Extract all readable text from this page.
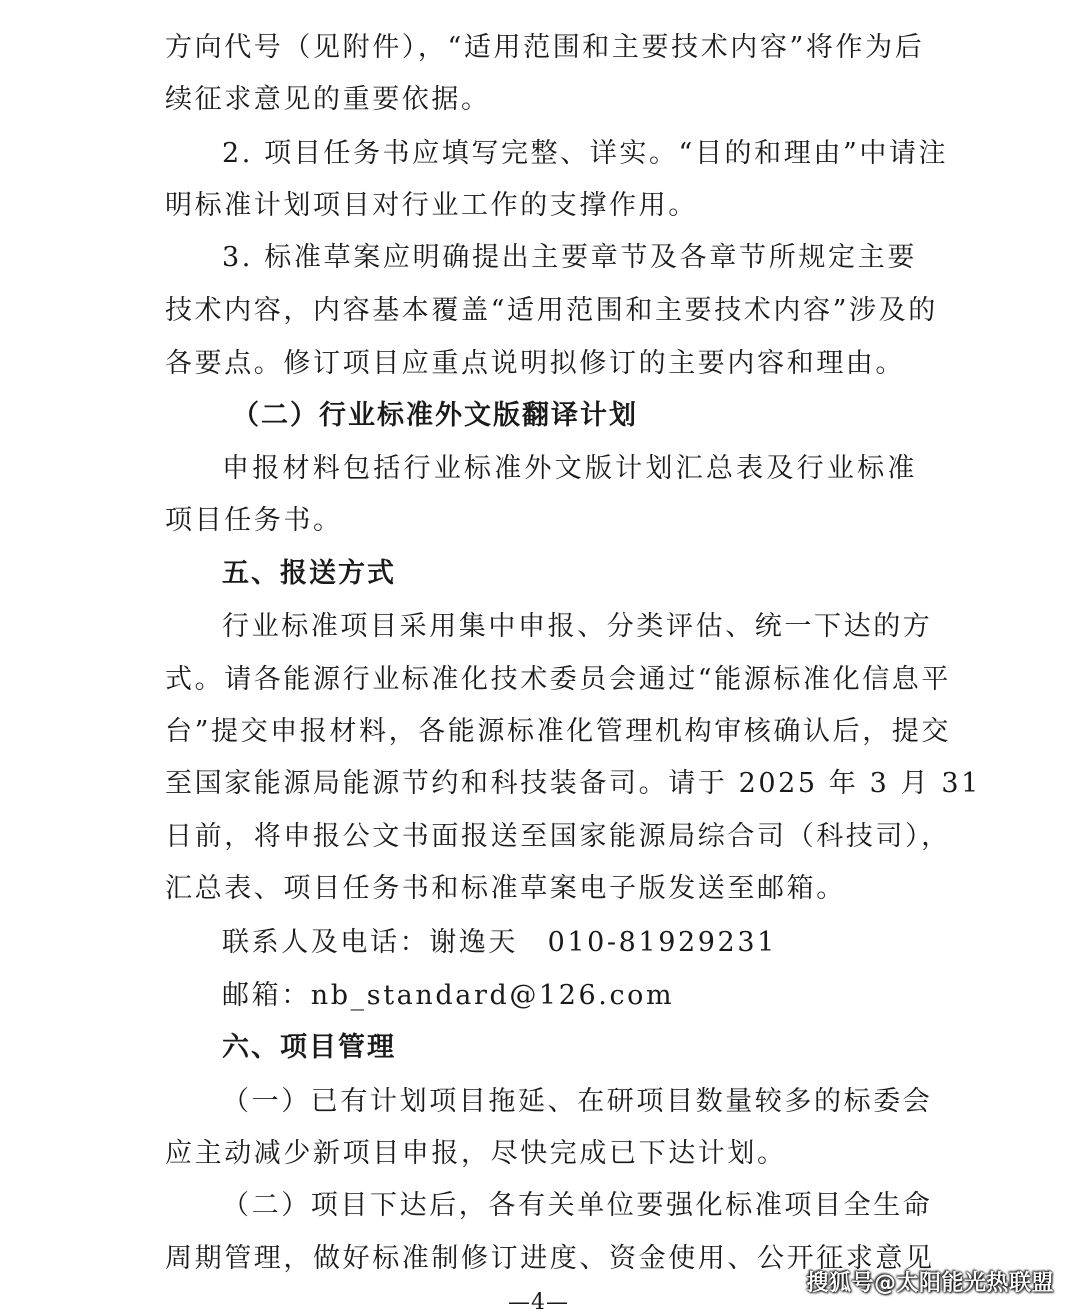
方向代号（见附件），“适用范围和主要技术内容”将作为后
续征求意见的重要依据。
2. 项目任务书应填写完整、详实。“目的和理由”中请注
明标准计划项目对行业工作的支撑作用。
3. 标准草案应明确提出主要章节及各章节所规定主要
技术内容，内容基本覆盖“适用范围和主要技术内容”涉及的
各要点。修订项目应重点说明拟修订的主要内容和理由。
（二）行业标准外文版翻译计划
申报材料包括行业标准外文版计划汇总表及行业标准
项目任务书。
五、报送方式
行业标准项目采用集中申报、分类评估、统一下达的方
式。请各能源行业标准化技术委员会通过“能源标准化信息平
台”提交申报材料，各能源标准化管理机构审核确认后，提交
至国家能源局能源节约和科技装备司。请于 2025 年 3 月 31
日前，将申报公文书面报送至国家能源局综合司（科技司），
汇总表、项目任务书和标准草案电子版发送至邮箱。
联系人及电话：谢逸天　010-81929231
邮箱：nb_standard@126.com
六、项目管理
（一）已有计划项目拖延、在研项目数量较多的标委会
应主动减少新项目申报，尽快完成已下达计划。
（二）项目下达后，各有关单位要强化标准项目全生命
周期管理，做好标准制修订进度、资金使用、公开征求意见
—4—
搜狐号@太阳能光热联盟
